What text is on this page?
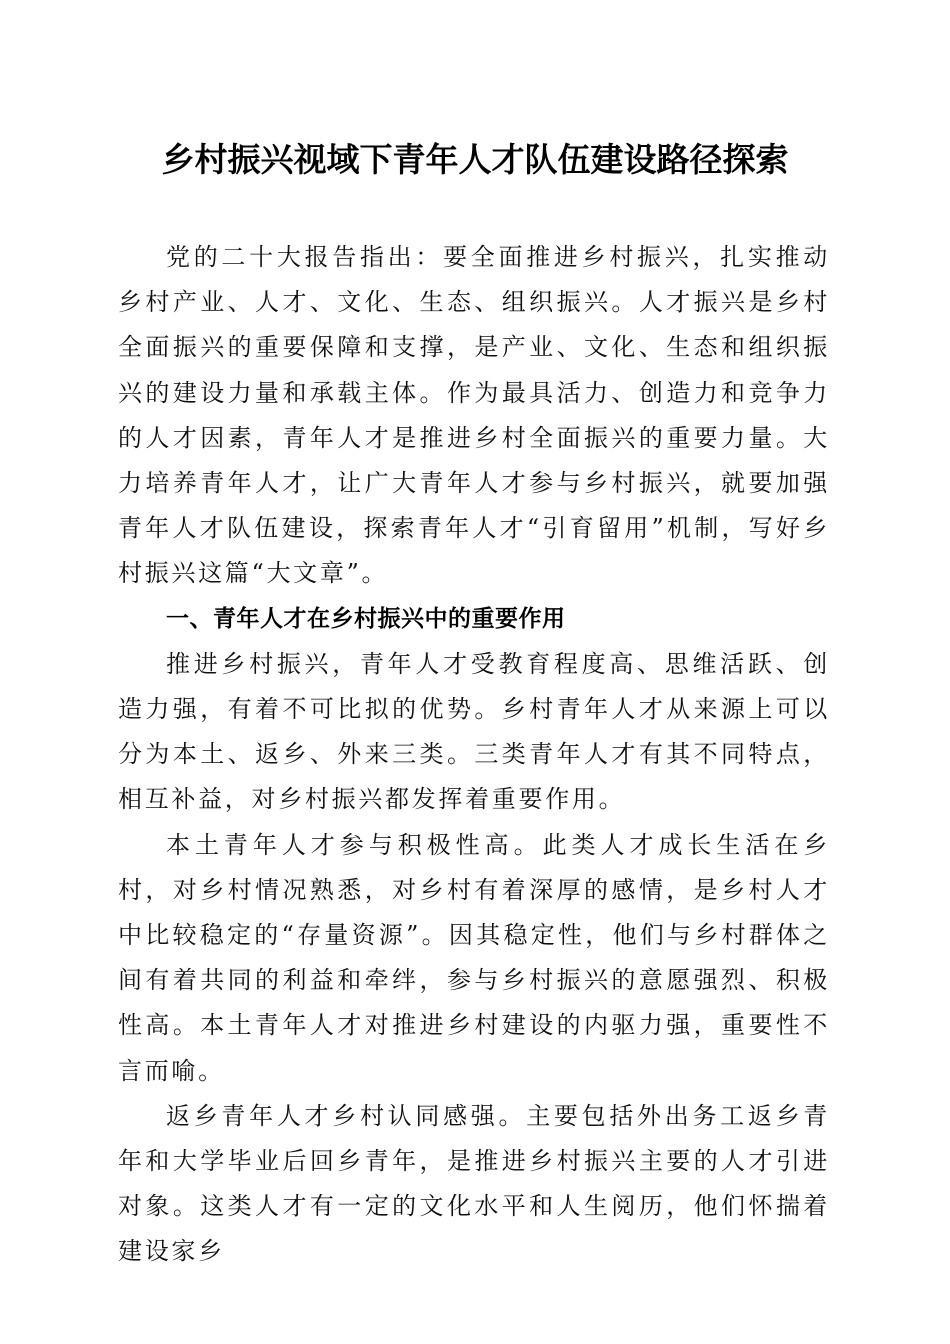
乡村振兴视域下青年人才队伍建设路径探索

党的二十大报告指出：要全面推进乡村振兴，扎实推动乡村产业、人才、文化、生态、组织振兴。人才振兴是乡村全面振兴的重要保障和支撑，是产业、文化、生态和组织振兴的建设力量和承载主体。作为最具活力、创造力和竞争力的人才因素，青年人才是推进乡村全面振兴的重要力量。大力培养青年人才，让广大青年人才参与乡村振兴，就要加强青年人才队伍建设，探索青年人才“引育留用”机制，写好乡村振兴这篇“大文章”。

一、青年人才在乡村振兴中的重要作用

推进乡村振兴，青年人才受教育程度高、思维活跃、创造力强，有着不可比拟的优势。乡村青年人才从来源上可以分为本土、返乡、外来三类。三类青年人才有其不同特点，相互补益，对乡村振兴都发挥着重要作用。

本土青年人才参与积极性高。此类人才成长生活在乡村，对乡村情况熟悉，对乡村有着深厚的感情，是乡村人才中比较稳定的“存量资源”。因其稳定性，他们与乡村群体之间有着共同的利益和牵绊，参与乡村振兴的意愿强烈、积极性高。本土青年人才对推进乡村建设的内驱力强，重要性不言而喻。

返乡青年人才乡村认同感强。主要包括外出务工返乡青年和大学毕业后回乡青年，是推进乡村振兴主要的人才引进对象。这类人才有一定的文化水平和人生阅历，他们怀揣着建设家乡
